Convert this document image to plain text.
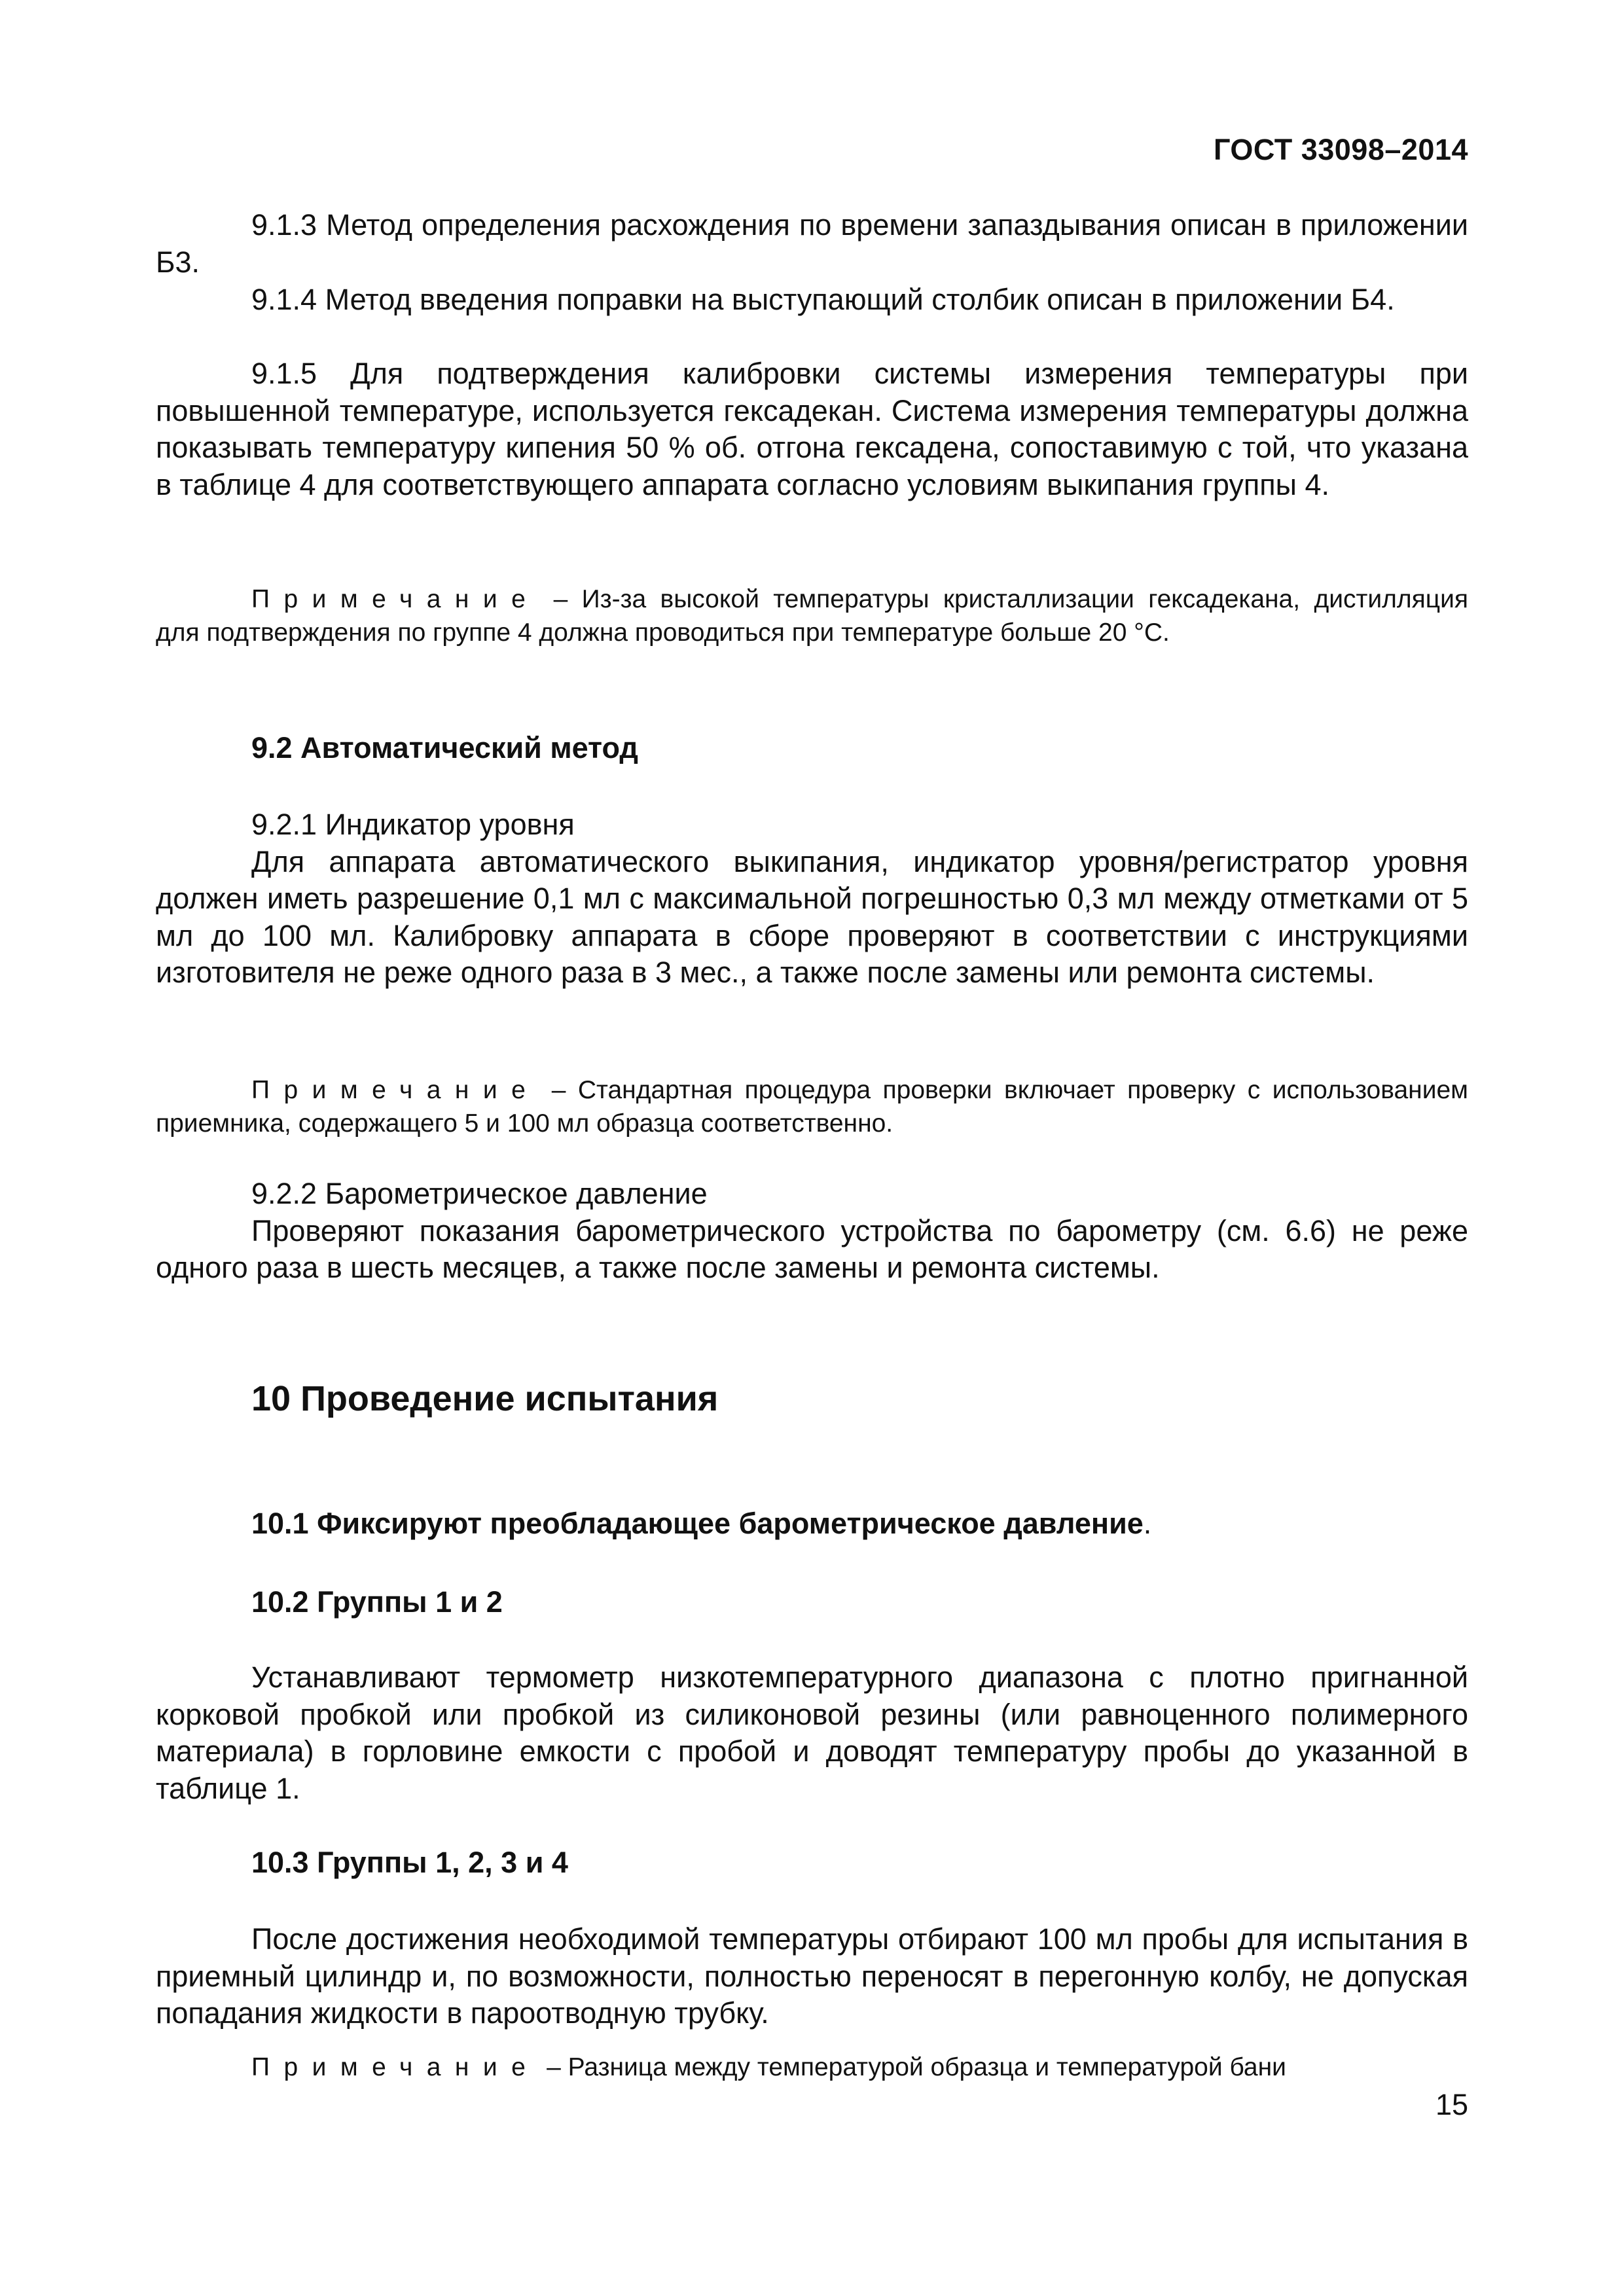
ГОСТ 33098–2014

9.1.3 Метод определения расхождения по времени запаздывания описан в приложении Б3.

9.1.4 Метод введения поправки на выступающий столбик описан в приложении Б4.

9.1.5 Для подтверждения калибровки системы измерения температуры при повышенной температуре, используется гексадекан. Система измерения температуры должна показывать температуру кипения 50 % об. отгона гексадена, сопоставимую с той, что указана в таблице 4 для соответствующего аппарата согласно условиям выкипания группы 4.

Примечание – Из-за высокой температуры кристаллизации гексадекана, дистилляция для подтверждения по группе 4 должна проводиться при температуре больше 20 °С.

9.2 Автоматический метод

9.2.1 Индикатор уровня

Для аппарата автоматического выкипания, индикатор уровня/регистратор уровня должен иметь разрешение 0,1 мл с максимальной погрешностью 0,3 мл между отметками от 5 мл до 100 мл. Калибровку аппарата в сборе проверяют в соответствии с инструкциями изготовителя не реже одного раза в 3 мес., а также после замены или ремонта системы.

Примечание – Стандартная процедура проверки включает проверку с использованием приемника, содержащего 5 и 100 мл образца соответственно.

9.2.2 Барометрическое давление

Проверяют показания барометрического устройства по барометру (см. 6.6) не реже одного раза в шесть месяцев, а также после замены и ремонта системы.

10 Проведение испытания
10.1 Фиксируют преобладающее барометрическое давление.
10.2 Группы 1 и 2

Устанавливают термометр низкотемпературного диапазона с плотно пригнанной корковой пробкой или пробкой из силиконовой резины (или равноценного полимерного материала) в горловине емкости с пробой и доводят температуру пробы до указанной в таблице 1.

10.3 Группы 1, 2, 3 и 4

После достижения необходимой температуры отбирают 100 мл пробы для испытания в приемный цилиндр и, по возможности, полностью переносят в перегонную колбу, не допуская попадания жидкости в пароотводную трубку.

Примечание – Разница между температурой образца и температурой бани

15
